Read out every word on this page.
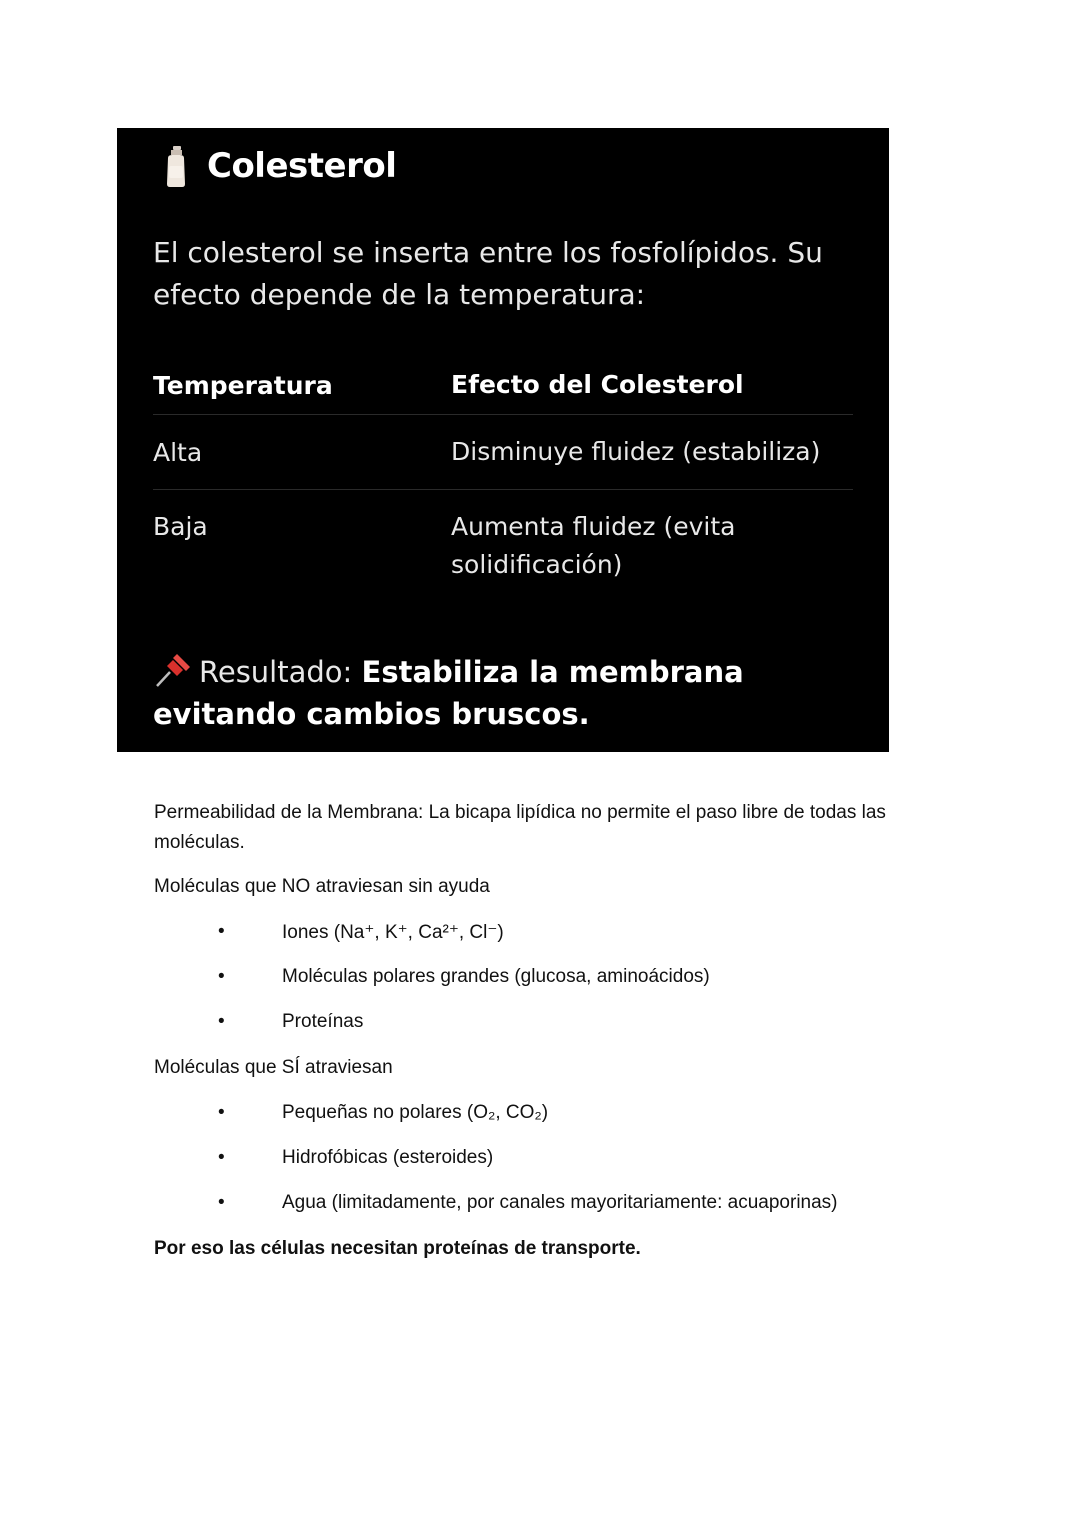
Colesterol
El colesterol se inserta entre los fosfolípidos. Su efecto depende de la temperatura:
Temperatura	Efecto del Colesterol
Alta	Disminuye fluidez (estabiliza)
Baja	Aumenta fluidez (evita solidificación)
Resultado: Estabiliza la membrana evitando cambios bruscos.
Permeabilidad de la Membrana: La bicapa lipídica no permite el paso libre de todas las moléculas.
Moléculas que NO atraviesan sin ayuda
•	Iones (Na⁺, K⁺, Ca²⁺, Cl⁻)
•	Moléculas polares grandes (glucosa, aminoácidos)
•	Proteínas
Moléculas que SÍ atraviesan
•	Pequeñas no polares (O₂, CO₂)
•	Hidrofóbicas (esteroides)
•	Agua (limitadamente, por canales mayoritariamente: acuaporinas)
Por eso las células necesitan proteínas de transporte.
